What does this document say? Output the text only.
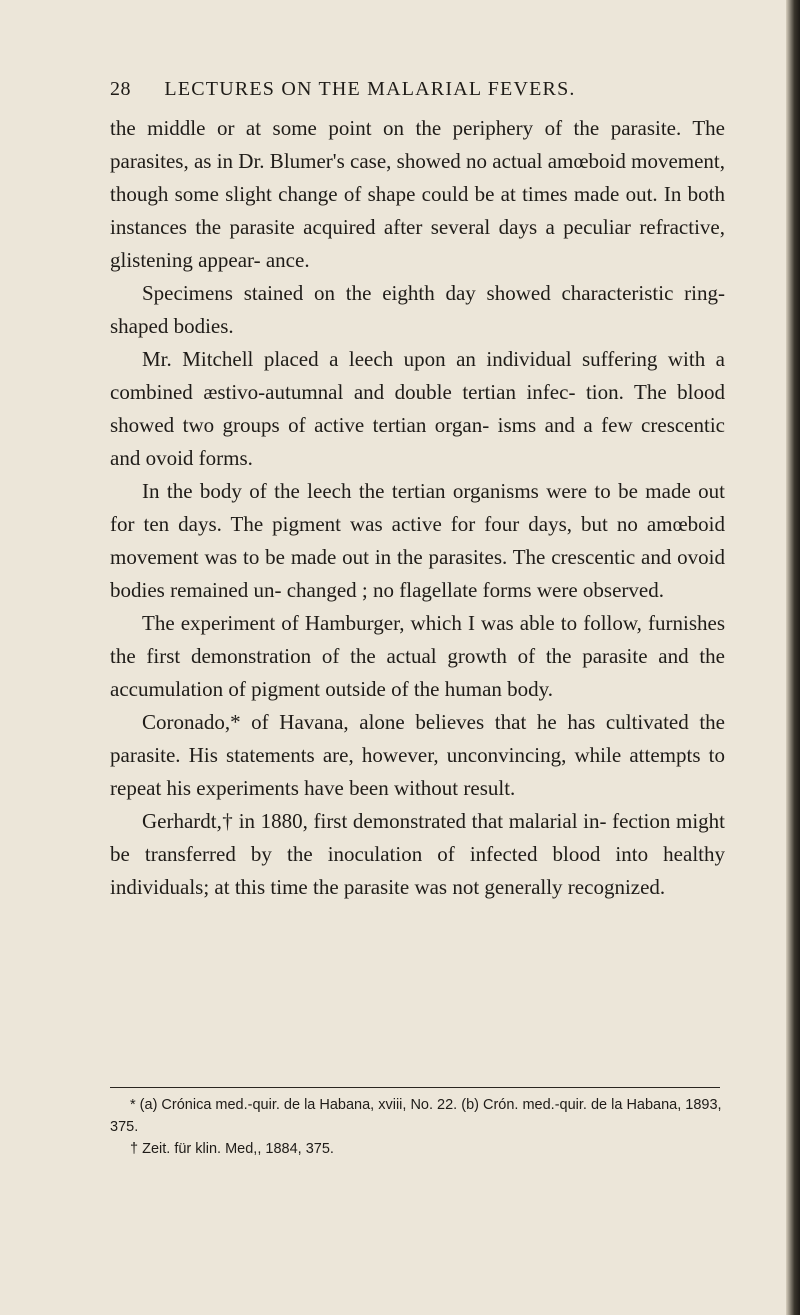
28	LECTURES ON THE MALARIAL FEVERS.

the middle or at some point on the periphery of the parasite. The parasites, as in Dr. Blumer's case, showed no actual amœboid movement, though some slight change of shape could be at times made out. In both instances the parasite acquired after several days a peculiar refractive, glistening appear- ance.

Specimens stained on the eighth day showed characteristic ring-shaped bodies.

Mr. Mitchell placed a leech upon an individual suffering with a combined æstivo-autumnal and double tertian infec- tion. The blood showed two groups of active tertian organ- isms and a few crescentic and ovoid forms.

In the body of the leech the tertian organisms were to be made out for ten days. The pigment was active for four days, but no amœboid movement was to be made out in the parasites. The crescentic and ovoid bodies remained un- changed ; no flagellate forms were observed.

The experiment of Hamburger, which I was able to follow, furnishes the first demonstration of the actual growth of the parasite and the accumulation of pigment outside of the human body.

Coronado,* of Havana, alone believes that he has cultivated the parasite. His statements are, however, unconvincing, while attempts to repeat his experiments have been without result.

Gerhardt,† in 1880, first demonstrated that malarial in- fection might be transferred by the inoculation of infected blood into healthy individuals; at this time the parasite was not generally recognized.

* (a) Crónica med.-quir. de la Habana, xviii, No. 22. (b) Crón. med.-quir. de la Habana, 1893, 375.

† Zeit. für klin. Med,, 1884, 375.
